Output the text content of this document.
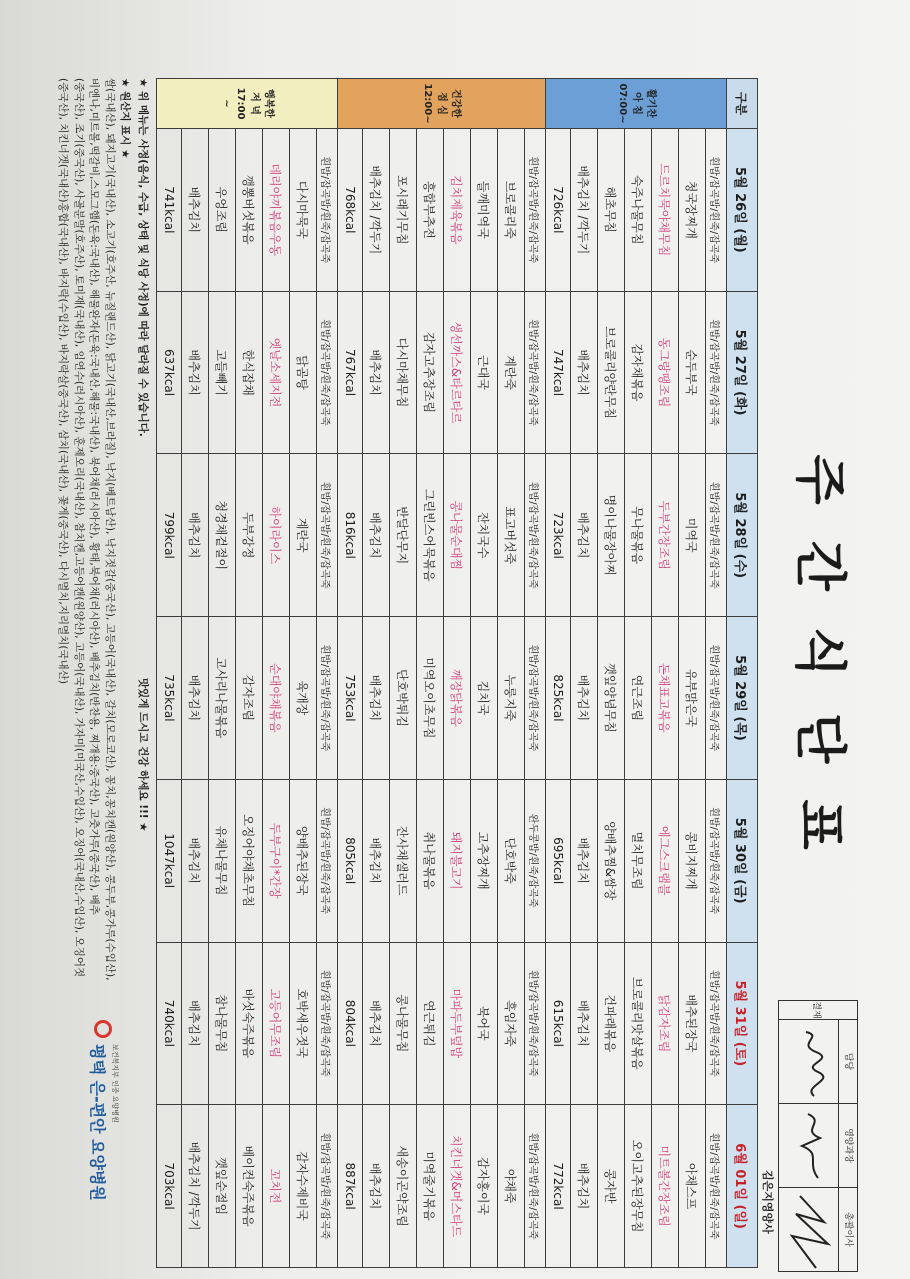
주간식단표
결재
담당
영양과장
총괄이사
김은지영양사
구분	5월 26일 (월)	5월 27일 (화)	5월 28일 (수)	5월 29일 (목)	5월 30일 (금)	5월 31일 (토)	6월 01일 (일)

활기찬
아 침
07:00~	흰밥/잡곡밥/흰죽/잡곡죽	흰밥/잡곡밥/흰죽/잡곡죽	흰밥/잡곡밥/흰죽/잡곡죽	흰밥/잡곡밥/흰죽/잡곡죽	흰밥/잡곡밥/흰죽/잡곡죽	흰밥/잡곡밥/흰죽/잡곡죽	흰밥/잡곡밥/흰죽/잡곡죽
	청국장찌개	순두부국	미역국	유부맑은국	콩비지찌개	배추된장국	아채스프
	드르치묵야채무침	동그랑땡조림	두부간장조림	돈채표고볶음	에그스크램블	닭감자조림	미트볼간장조림
	숙주나물무침	감자채볶음	무나물볶음	연근조림	멸치무조림	브로콜리맛살볶음	오이고추된장무침
	해초무침	브로콜리양란무침	명이나물장아찌	깻잎양념무침	양배추찜&쌈장	건파래볶음	콩자반
	배추김치 /깍두기	배추김치	배추김치	배추김치	배추김치	배추김치	배추김치
	726kcal	747kcal	723kcal	825kcal	695kcal	615kcal	772kcal

건강한
점 심
12:00~	흰밥/잡곡밥/흰죽/잡곡죽	흰밥/잡곡밥/흰죽/잡곡죽	흰밥/잡곡밥/흰죽/잡곡죽	흰밥/잡곡밥/흰죽/잡곡죽	완두콩밥/흰죽/잡곡죽	흰밥/잡곡밥/흰죽/잡곡죽	흰밥/잡곡밥/흰죽/잡곡죽
	브로콜리죽	계란죽	표고버섯죽	누룽지죽	단호박죽	흑임자죽	야채죽
	들깨미역국	근대국	잔치국수	김치국	고추장찌개	북어국	감자홍이국
	김치제육볶음	생선까스&타르타르	콩나물순대찜	깨장닭볶음	돼지불고기	마파두부덮밥	치킨너겟&머스타드
	흥합부추전	감자고추장조림	그린빈스어묵볶음	미역오이초무침	취나물볶음	연근튀김	미역줄기볶음
	포시래기무침	다시마채무침	반달단무지	단호박튀김	잔사채샐러드	콩나물무침	새송이곤약조림
	배추김치 /깍두기	배추김치	배추김치	배추김치	배추김치	배추김치	배추김치
	768kcal	767kcal	816kcal	753kcal	805kcal	804kcal	887kcal

행복한
저 녁
17:00
~	흰밥/잡곡밥/흰죽/잡곡죽	흰밥/잡곡밥/흰죽/잡곡죽	흰밥/잡곡밥/흰죽/잡곡죽	흰밥/잡곡밥/흰죽/잡곡죽	흰밥/잡곡밥/흰죽/잡곡죽	흰밥/잡곡밥/흰죽/잡곡죽	흰밥/잡곡밥/흰죽/잡곡죽
	다시마묵국	닭곰탕	계란국	육개장	양배추된장국	호박새우젓국	감자수제비국
	데리야끼볶음우동	옛날소세지전	하이라이스	순대야채볶음	두부구이*간장	고등어무조림	꼬치전
	깽뽕버섯볶음	한식잡채	두부강정	감자조림	오징어야채초무침	바섯숙주볶음	베이컨숙주볶음
	우엉조림	고들빼기	청경채겉절이	고사리나물볶음	유채나물무침	참나물무침	깻잎순절임
	배추김치	배추김치	배추김치	배추김치	배추김치	배추김치	배추김치 /깍두기
	741kcal	637kcal	799kcal	735kcal	1047kcal	740kcal	703kcal
★ 위 메뉴는 사정(음식, 수급, 상태 및 식당 사정)에 따라 달라질 수 있습니다.
맛있게 드시고 건강 하세요 !!! ★
★ 원산지 표시 ★
쌀(국내산), 돼지고기(국내산), 소고기(호주산, 뉴질랜드산), 닭고기(국내산,브라질), 낙지(베트남산), 낙지젓갈(중국산), 고등어(국내산), 갈치(모로코산), 꽁치,꽁치캔(원양산), 콩두부,콩가루(수입산),
비엔나,미트볼,떡갈비,스모그햄(돈육:국내산), 해물완자(돈육:국내산,해물:국내산), 북어채(러시아산), 황태,북어채(러시아산), 배추김치(반찬용, 찌개용:중국산), 고춧가루(중국산), 배추
(중국산), 조기(중국산), 사골분말(호주산), 토미재(국내산), 임연수(러시아산), 훈제오리(국내산), 참치캔,고등어캔(원양산), 고등어(국내산), 가자미(미국산,수입산), 오징어(국내산,수입산), 오징어젓
(중국산), 치킨너겟(국내산)홍합(국내산), 바지락(수입산), 바지락살(중국산), 삼치(국내산), 꽃게(중국산), 다시멸치,지리멸치(국내산)
보건복지부 인증 요양병원
평택 은-편안 요양병원
